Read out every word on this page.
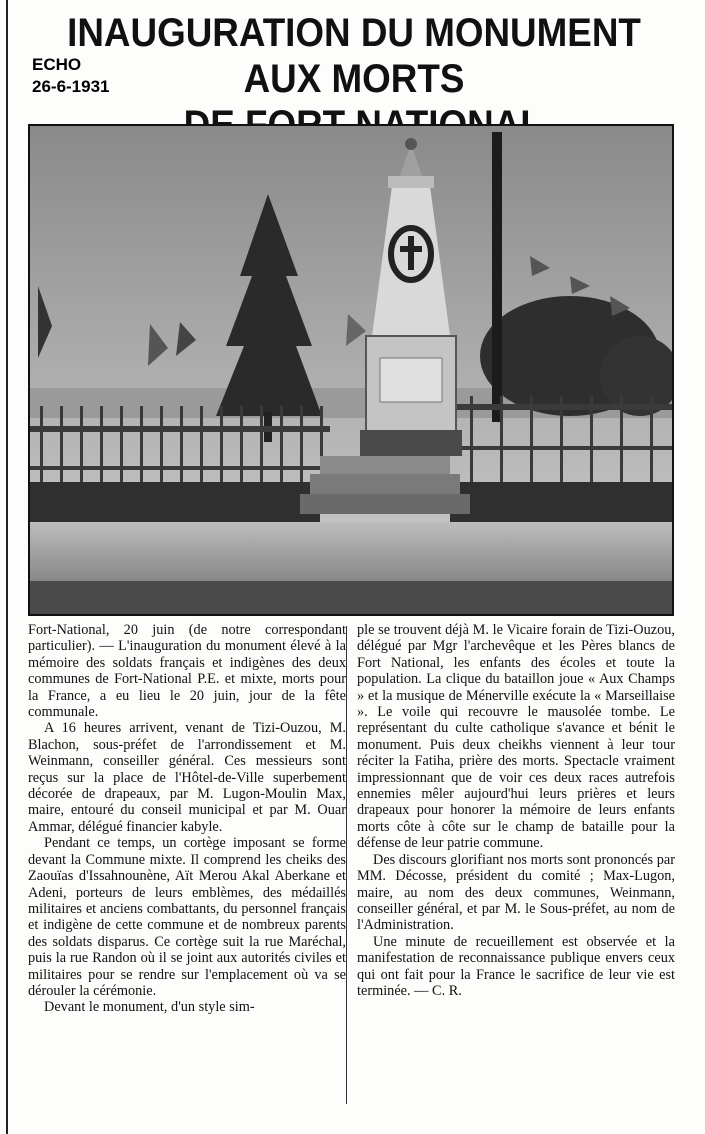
INAUGURATION DU MONUMENT AUX MORTS
ECHO
26-6-1931

Fort-National, 20 juin (de notre correspondant particulier). — L'inauguration du monument élevé à la mémoire des soldats français et indigènes des deux communes de Fort-National P.E. et mixte, morts pour la France, a eu lieu le 20 juin, jour de la fête communale.

A 16 heures arrivent, venant de Tizi-Ouzou, M. Blachon, sous-préfet de l'arrondissement et M. Weinmann, conseiller général. Ces messieurs sont reçus sur la place de l'Hôtel-de-Ville superbement décorée de drapeaux, par M. Lugon-Moulin Max, maire, entouré du conseil municipal et par M. Ouar Ammar, délégué financier kabyle.

Pendant ce temps, un cortège imposant se forme devant la Commune mixte. Il comprend les cheiks des Zaouïas d'Issahnounène, Aït Merou Akal Aberkane et Adeni, porteurs de leurs emblèmes, des médaillés militaires et anciens combattants, du personnel français et indigène de cette commune et de nombreux parents des soldats disparus. Ce cortège suit la rue Maréchal, puis la rue Randon où il se joint aux autorités civiles et militaires pour se rendre sur l'emplacement où va se dérouler la cérémonie.

Devant le monument, d'un style sim-

ple se trouvent déjà M. le Vicaire forain de Tizi-Ouzou, délégué par Mgr l'archevêque et les Pères blancs de Fort National, les enfants des écoles et toute la population. La clique du bataillon joue « Aux Champs » et la musique de Ménerville exécute la « Marseillaise ». Le voile qui recouvre le mausolée tombe. Le représentant du culte catholique s'avance et bénit le monument. Puis deux cheikhs viennent à leur tour réciter la Fatiha, prière des morts. Spectacle vraiment impressionnant que de voir ces deux races autrefois ennemies mêler aujourd'hui leurs prières et leurs drapeaux pour honorer la mémoire de leurs enfants morts côte à côte sur le champ de bataille pour la défense de leur patrie commune.

Des discours glorifiant nos morts sont prononcés par MM. Décosse, président du comité ; Max-Lugon, maire, au nom des deux communes, Weinmann, conseiller général, et par M. le Sous-préfet, au nom de l'Administration.

Une minute de recueillement est observée et la manifestation de reconnaissance publique envers ceux qui ont fait pour la France le sacrifice de leur vie est terminée. — C. R.
